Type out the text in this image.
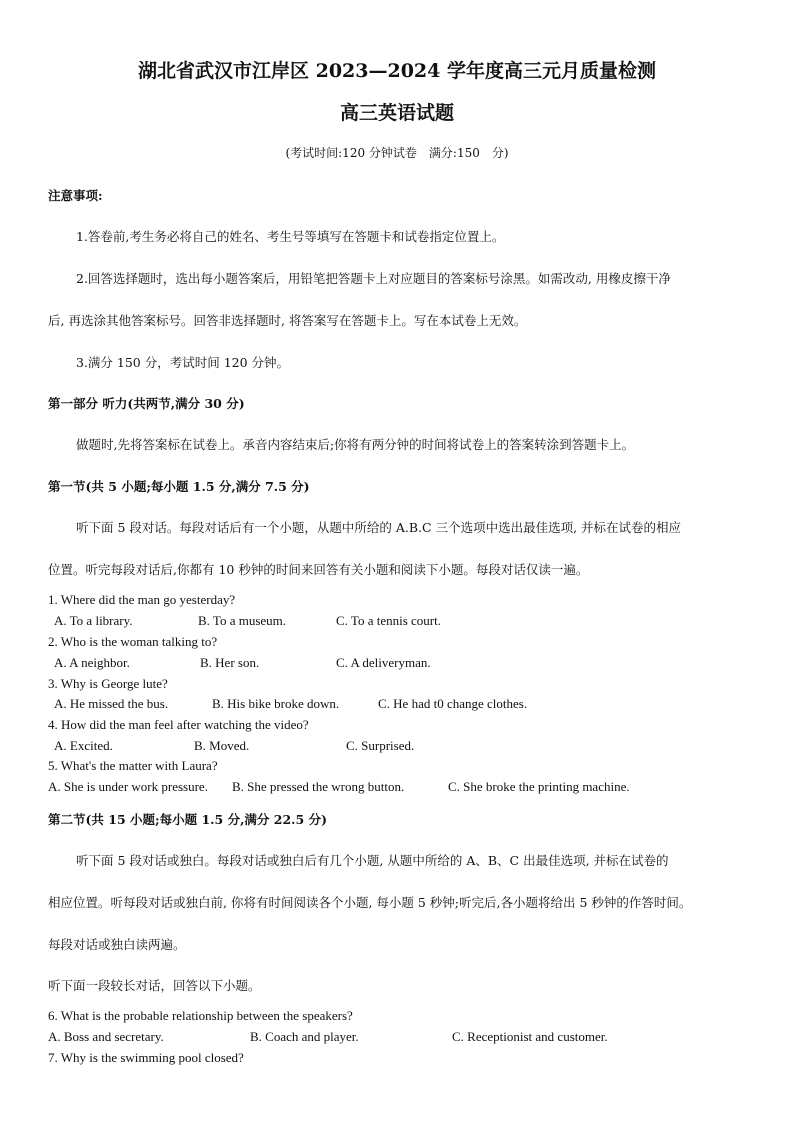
湖北省武汉市江岸区 2023—2024 学年度高三元月质量检测
高三英语试题
(考试时间:120 分钟试卷　满分:150　分)
注意事项:
1.答卷前,考生务必将自己的姓名、考生号等填写在答题卡和试卷指定位置上。
2.回答选择题时，选出每小题答案后，用铅笔把答题卡上对应题目的答案标号涂黑。如需改动, 用橡皮擦干净
后, 再选涂其他答案标号。回答非选择题时, 将答案写在答题卡上。写在本试卷上无效。
3.满分 150 分，考试时间 120 分钟。
第一部分 听力(共两节,满分 30 分)
做题时,先将答案标在试卷上。承音内容结束后;你将有两分钟的时间将试卷上的答案转涂到答题卡上。
第一节(共 5 小题;每小题 1.5 分,满分 7.5 分)
听下面 5 段对话。每段对话后有一个小题，从题中所给的 A.B.C 三个选项中选出最佳选项, 并标在试卷的相应
位置。听完每段对话后,你都有 10 秒钟的时间来回答有关小题和阅读下小题。每段对话仅读一遍。
1. Where did the man go yesterday?
A. To a library.	B. To a museum.	C. To a tennis court.
2. Who is the woman talking to?
A. A neighbor.	B. Her son.	C. A deliveryman.
3. Why is George lute?
A. He missed the bus.	B. His bike broke down.	C. He had t0 change clothes.
4. How did the man feel after watching the video?
A. Excited.	B. Moved.	C. Surprised.
5. What's the matter with Laura?
A. She is under work pressure. B. She pressed the wrong button.	C. She broke the printing machine.
第二节(共 15 小题;每小题 1.5 分,满分 22.5 分)
听下面 5 段对话或独白。每段对话或独白后有几个小题, 从题中所给的 A、B、C 出最佳选项, 并标在试卷的
相应位置。听每段对话或独白前, 你将有时间阅读各个小题, 每小题 5 秒钟;听完后,各小题将给出 5 秒钟的作答时间。
每段对话或独白读两遍。
听下面一段较长对话，回答以下小题。
6. What is the probable relationship between the speakers?
A. Boss and secretary.	B. Coach and player.	C. Receptionist and customer.
7. Why is the swimming pool closed?
